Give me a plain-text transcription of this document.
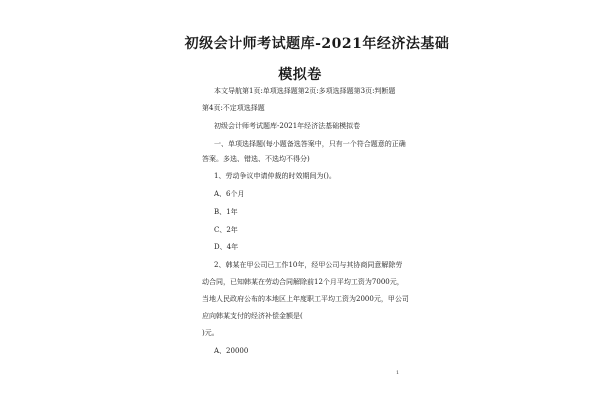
初级会计师考试题库-2021年经济法基础
模拟卷
本文导航第1页:单项选择题第2页:多项选择题第3页:判断题
第4页:不定项选择题
初级会计师考试题库-2021年经济法基础模拟卷
一、单项选择题(每小题备选答案中，只有一个符合题意的正确
答案。多选、错选、不选均不得分)
1、劳动争议申请仲裁的时效期间为()。
A、6个月
B、1年
C、2年
D、4年
2、韩某在甲公司已工作10年，经甲公司与其协商同意解除劳
动合同，已知韩某在劳动合同解除前12个月平均工资为7000元，
当地人民政府公布的本地区上年度职工平均工资为2000元，甲公司
应向韩某支付的经济补偿金额是(
)元。
A、20000
1
